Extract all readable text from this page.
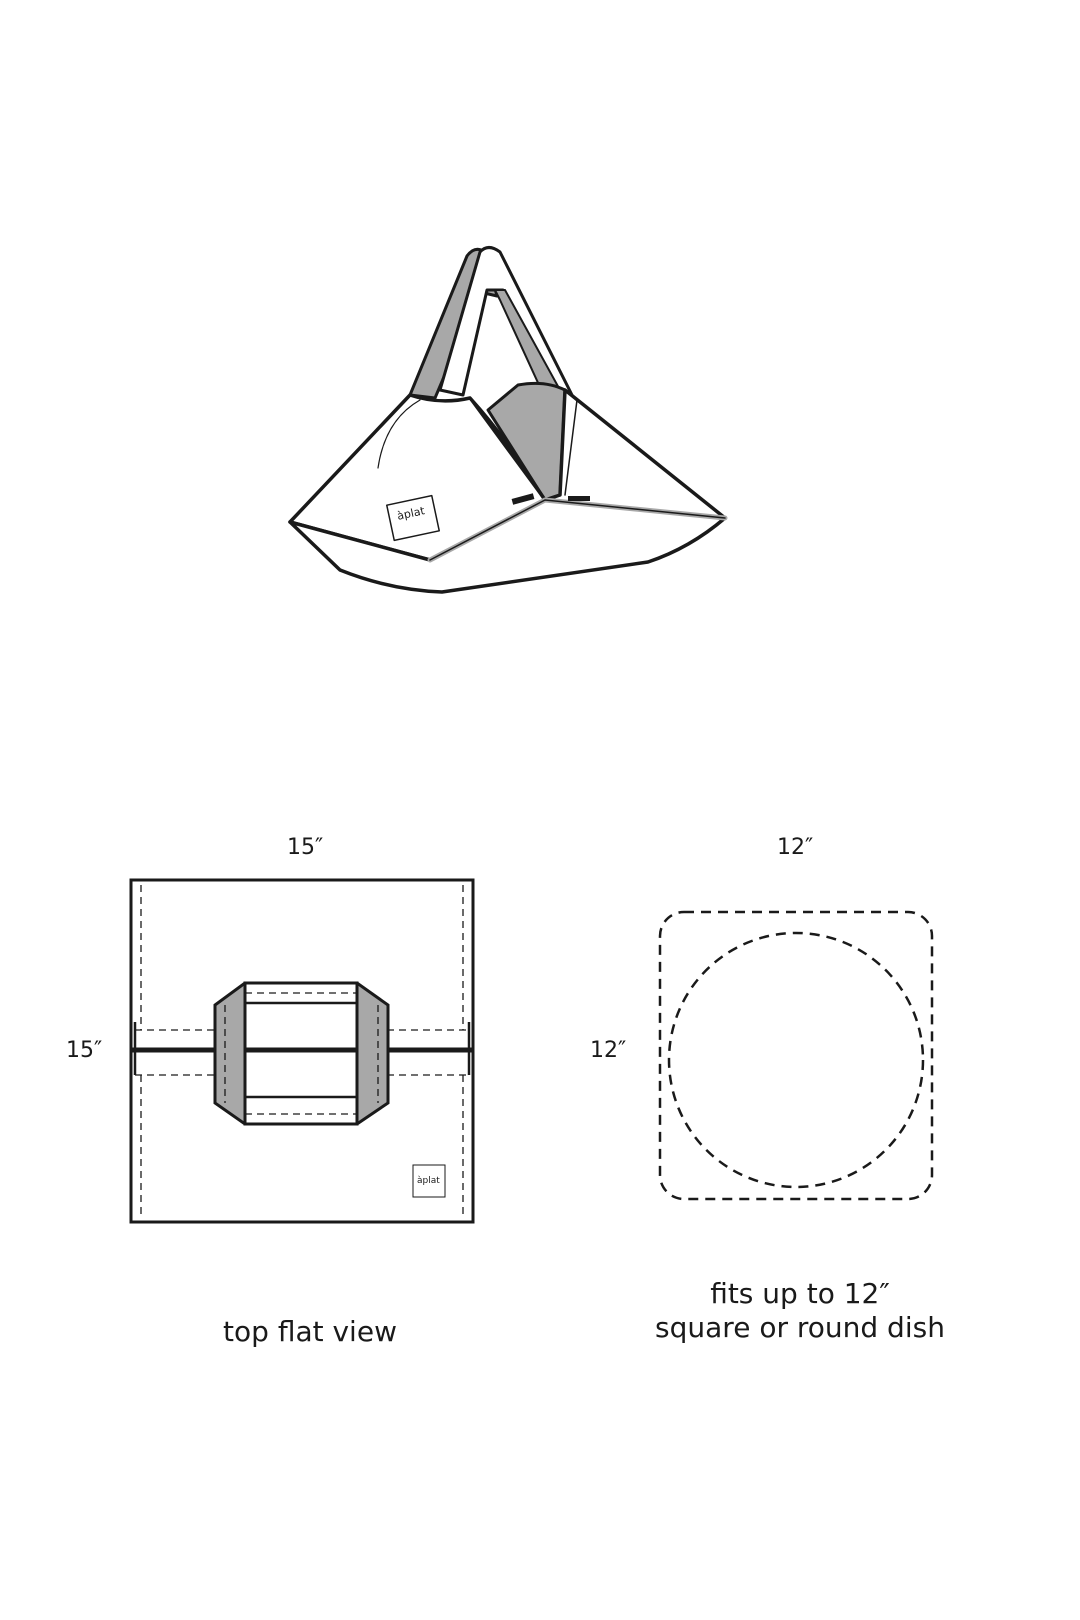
àplat
àplat
15″
15″
12″
12″
top flat view
fits up to 12″
square or round dish
